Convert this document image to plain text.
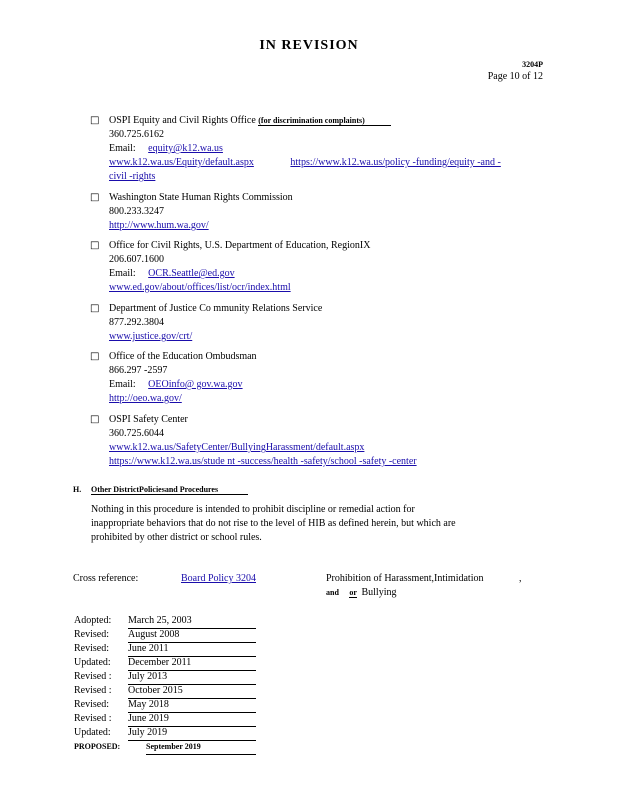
IN REVISION
3204P
Page 10 of 12
□ OSPI Equity and Civil Rights Office (for discrimination complaints)
360.725.6162
Email: equity@k12.wa.us
www.k12.wa.us/Equity/default.aspx	https://www.k12.wa.us/policy -funding/equity -and -
civil -rights
□ Washington State Human Rights Commission
800.233.3247
http://www.hum.wa.gov/
□ Office for Civil Rights, U.S. Department of Education, RegionIX
206.607.1600
Email: OCR.Seattle@ed.gov
www.ed.gov/about/offices/list/ocr/index.html
□ Department of Justice Co mmunity Relations Service
877.292.3804
www.justice.gov/crt/
□ Office of the Education Ombudsman
866.297 -2597
Email: OEOinfo@ gov.wa.gov
http://oeo.wa.gov/
□ OSPI Safety Center
360.725.6044
www.k12.wa.us/SafetyCenter/BullyingHarassment/default.aspx
https://www.k12.wa.us/stude nt -success/health -safety/school -safety -center
H. Other DistrictPoliciesand Procedures
Nothing in this procedure is intended to prohibit discipline or remedial action for
inappropriate behaviors that do not rise to the level of HIB as defined herein, but which are
prohibited by other district or school rules.
Cross reference:	Board Policy 3204	Prohibition of Harassment,Intimidation	,
and or Bullying
Adopted: March 25, 2003
Revised: August 2008
Revised: June 2011
Updated: December 2011
Revised : July 2013
Revised : October 2015
Revised: May 2018
Revised : June 2019
Updated: July 2019
PROPOSED:	September 2019
